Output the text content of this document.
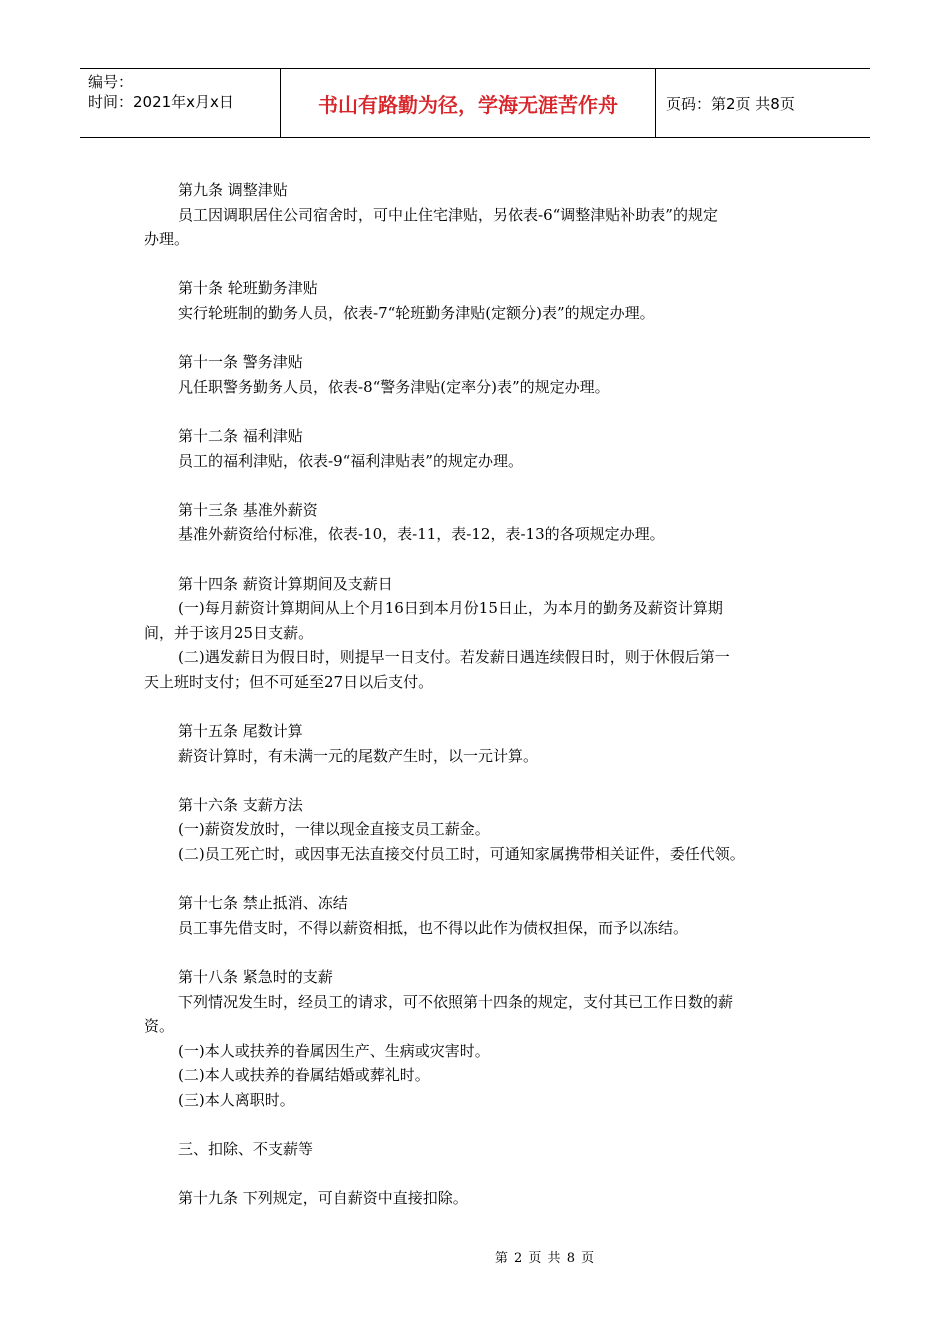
编号：
时间：2021年x月x日	书山有路勤为径，学海无涯苦作舟	页码：第2页 共8页
第九条 调整津贴
员工因调职居住公司宿舍时，可中止住宅津贴，另依表-6“调整津贴补助表”的规定
办理。
第十条 轮班勤务津贴
实行轮班制的勤务人员，依表-7“轮班勤务津贴(定额分)表”的规定办理。
第十一条 警务津贴
凡任职警务勤务人员，依表-8“警务津贴(定率分)表”的规定办理。
第十二条 福利津贴
员工的福利津贴，依表-9“福利津贴表”的规定办理。
第十三条 基准外薪资
基准外薪资给付标准，依表-10，表-11，表-12，表-13的各项规定办理。
第十四条 薪资计算期间及支薪日
(一)每月薪资计算期间从上个月16日到本月份15日止，为本月的勤务及薪资计算期
间，并于该月25日支薪。
(二)遇发薪日为假日时，则提早一日支付。若发薪日遇连续假日时，则于休假后第一
天上班时支付；但不可延至27日以后支付。
第十五条 尾数计算
薪资计算时，有未满一元的尾数产生时，以一元计算。
第十六条 支薪方法
(一)薪资发放时，一律以现金直接支员工薪金。
(二)员工死亡时，或因事无法直接交付员工时，可通知家属携带相关证件，委任代领。
第十七条 禁止抵消、冻结
员工事先借支时，不得以薪资相抵，也不得以此作为债权担保，而予以冻结。
第十八条 紧急时的支薪
下列情况发生时，经员工的请求，可不依照第十四条的规定，支付其已工作日数的薪
资。
(一)本人或扶养的眷属因生产、生病或灾害时。
(二)本人或扶养的眷属结婚或葬礼时。
(三)本人离职时。
三、扣除、不支薪等
第十九条 下列规定，可自薪资中直接扣除。
第 2 页 共 8 页
